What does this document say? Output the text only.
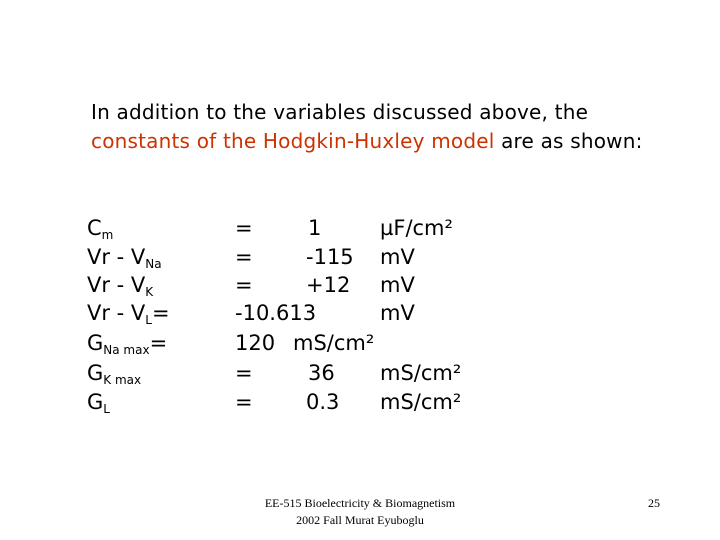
In addition to the variables discussed above, the constants of the Hodgkin-Huxley model are as shown:
$C_m$	=	1	µF/cm²
Vr - $V_{Na}$	=	-115 mV
Vr - $V_K$	=	+12 mV
$Vr - V_L=$	-10.613	mV
$G_{Na max}=$	120 mS/cm²
$G_{K max}$	=	36 mS/cm²
$G_L$	=	0.3 mS/cm²
EE-515 Bioelectricity & Biomagnetism 2002 Fall Murat Eyuboglu
25
